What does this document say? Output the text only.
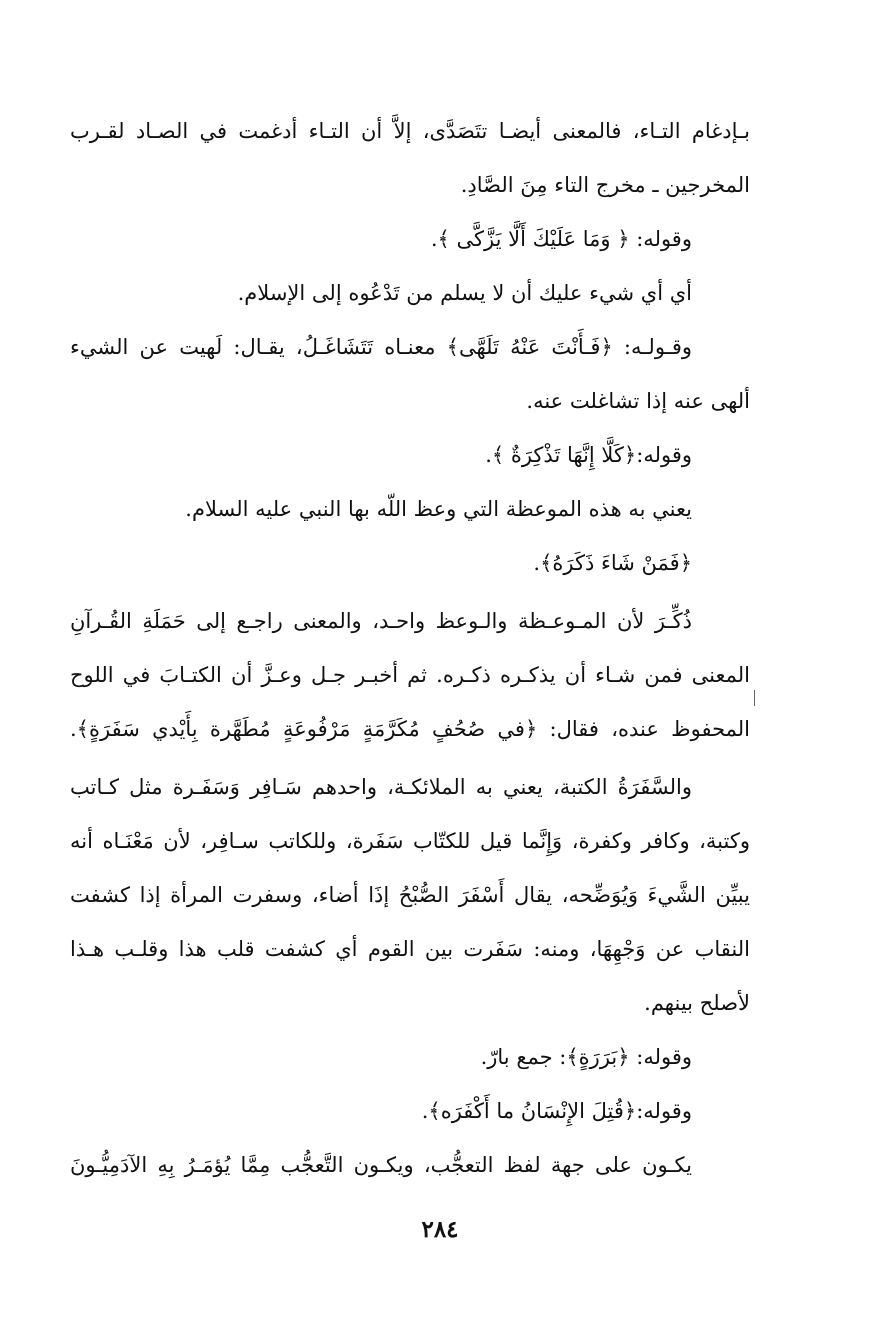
بـإدغام التـاء، فالمعنى أيضـا تتَصَدَّى، إلاَّ أن التـاء أدغمت في الصـاد لقـرب
المخرجين ـ مخرج التاء مِنَ الصَّادِ.
وقوله: ﴿ وَمَا عَلَيْكَ أَلَّا يَزَّكَّى ﴾.
أي أي شيء عليك أن لا يسلم من تَدْعُوه إلى الإسلام.
وقـولـه: ﴿فَـأَنْتَ عَنْهُ تَلَهَّى﴾ معنـاه تَتَشَاغَـلُ، يقـال: لَهيت عن الشيء
ألهى عنه إذا تشاغلت عنه.
وقوله:﴿كَلَّا إِنَّهَا تَذْكِرَةٌ ﴾.
يعني به هذه الموعظة التي وعظ اللّه بها النبي عليه السلام.
﴿فَمَنْ شَاءَ ذَكَرَهُ﴾.
ذُكِّـرَ لأن المـوعـظة والـوعظ واحـد، والمعنى راجـع إلى حَمَلَةِ القُـرآنِ
المعنى فمن شـاء أن يذكـره ذكـره. ثم أخبـر جـل وعـزَّ أن الكتـابَ في اللوح
المحفوظ عنده، فقال: ﴿في صُحُفٍ مُكَرَّمَةٍ مَرْفُوعَةٍ مُطَهَّرة بِأَيْدي سَفَرَةٍ﴾.
والسَّفَرَةُ الكتبة، يعني به الملائكـة، واحدهم سَـافِر وَسَفَـرة مثل كـاتب
وكتبة، وكافر وكفرة، وَإِنَّما قيل للكتّاب سَفَرة، وللكاتب سـافِر، لأن مَعْنَـاه أنه
يبيِّن الشَّيءَ وَيُوَضِّحه، يقال أَسْفَرَ الصُّبْحُ إذَا أضاء، وسفرت المرأة إذا كشفت
النقاب عن وَجْهِهَا، ومنه: سَفَرت بين القوم أي كشفت قلب هذا وقلـب هـذا
لأصلح بينهم.
وقوله: ﴿بَرَرَةٍ﴾: جمع بارّ.
وقوله:﴿قُتِلَ الإِنْسَانُ ما أَكْفَرَه﴾.
يكـون على جهة لفظ التعجُّب، ويكـون التَّعجُّب مِمَّا يُؤمَـرُ بِهِ الآدَمِيُّـونَ
٢٨٤
